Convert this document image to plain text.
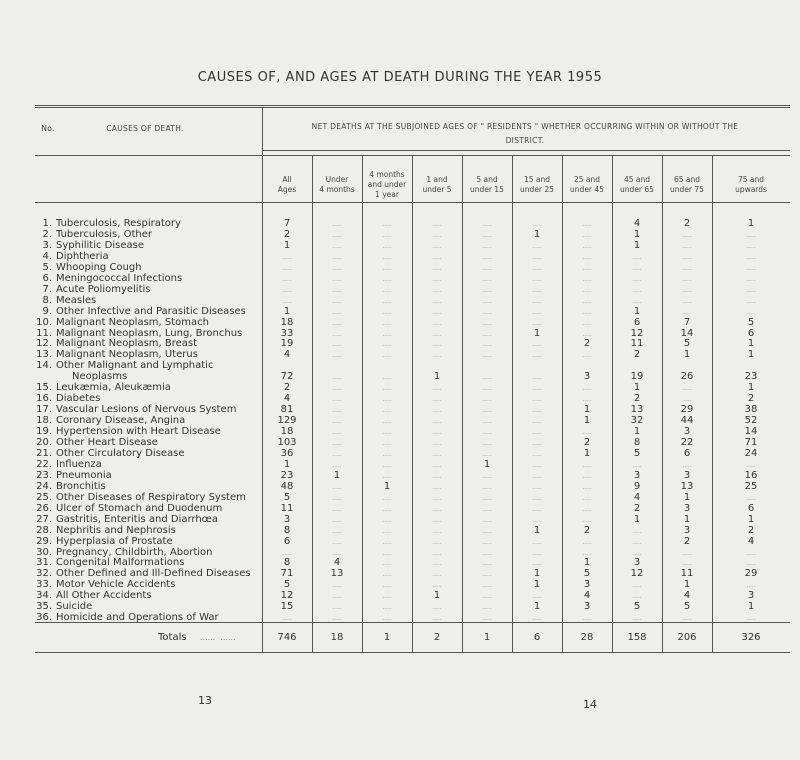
CAUSES OF, AND AGES AT DEATH DURING THE YEAR 1955
No.	CAUSES OF DEATH.	NET DEATHS AT THE SUBJOINED AGES OF " RESIDENTS " WHETHER OCCURRING WITHIN OR WITHOUT THE DISTRICT.
All
Ages
Under
4 months
4 months
and under
1 year
1 and
under 5
5 and
under 15
15 and
under 25
25 and
under 45
45 and
under 65
65 and
under 75
75 and
upwards
1. Tuberculosis, Respiratory	7	.....	.....	.....	.....	.....	.....	4	2	1
2. Tuberculosis, Other	2	.....	.....	.....	.....	1	.....	1	.....	.....
3. Syphilitic Disease	1	.....	.....	.....	.....	.....	.....	1	.....	.....
4. Diphtheria	.....	.....	.....	.....	.....	.....	.....	.....	.....	.....
5. Whooping Cough	.....	.....	.....	.....	.....	.....	.....	.....	.....	.....
6. Meningococcal Infections	.....	.....	.....	.....	.....	.....	.....	.....	.....	.....
7. Acute Poliomyelitis	.....	.....	.....	.....	.....	.....	.....	.....	.....	.....
8. Measles	.....	.....	.....	.....	.....	.....	.....	.....	.....	.....
9. Other Infective and Parasitic Diseases	1	.....	.....	.....	.....	.....	.....	1	.....	.....
10. Malignant Neoplasm, Stomach	18	.....	.....	.....	.....	.....	.....	6	7	5
11. Malignant Neoplasm, Lung, Bronchus	33	.....	.....	.....	.....	1	.....	12	14	6
12. Malignant Neoplasm, Breast	19	.....	.....	.....	.....	.....	2	11	5	1
13. Malignant Neoplasm, Uterus	4	.....	.....	.....	.....	.....	.....	2	1	1
14. Other Malignant and Lymphatic
Neoplasms	72	.....	.....	1	.....	.....	3	19	26	23
15. Leukæmia, Aleukæmia	2	.....	.....	.....	.....	.....	.....	1	.....	1
16. Diabetes	4	.....	.....	.....	.....	.....	.....	2	.....	2
17. Vascular Lesions of Nervous System	81	.....	.....	.....	.....	.....	1	13	29	38
18. Coronary Disease, Angina	129	.....	.....	.....	.....	.....	1	32	44	52
19. Hypertension with Heart Disease	18	.....	.....	.....	.....	.....	.....	1	3	14
20. Other Heart Disease	103	.....	.....	.....	.....	.....	2	8	22	71
21. Other Circulatory Disease	36	.....	.....	.....	.....	.....	1	5	6	24
22. Influenza	1	.....	.....	.....	1	.....	.....	.....	.....	.....
23. Pneumonia	23	1	.....	.....	.....	.....	.....	3	3	16
24. Bronchitis	48	.....	1	.....	.....	.....	.....	9	13	25
25. Other Diseases of Respiratory System	5	.....	.....	.....	.....	.....	.....	4	1	.....
26. Ulcer of Stomach and Duodenum	11	.....	.....	.....	.....	.....	.....	2	3	6
27. Gastritis, Enteritis and Diarrhœa	3	.....	.....	.....	.....	.....	.....	1	1	1
28. Nephritis and Nephrosis	8	.....	.....	.....	.....	1	2	.....	3	2
29. Hyperplasia of Prostate	6	.....	.....	.....	.....	.....	.....	.....	2	4
30. Pregnancy, Childbirth, Abortion	.....	.....	.....	.....	.....	.....	.....	.....	.....	.....
31. Congenital Malformations	8	4	.....	.....	.....	.....	1	3	.....	.....
32. Other Defined and Ill-Defined Diseases	71	13	.....	.....	.....	1	5	12	11	29
33. Motor Vehicle Accidents	5	.....	.....	.....	.....	1	3	.....	1	.....
34. All Other Accidents	12	.....	.....	1	.....	.....	4	.....	4	3
35. Suicide	15	.....	.....	.....	.....	1	3	5	5	1
36. Homicide and Operations of War	.....	.....	.....	.....	.....	.....	.....	.....	.....	.....
Totals ......  ......	746	18	1	2	1	6	28	158	206	326
13	14
